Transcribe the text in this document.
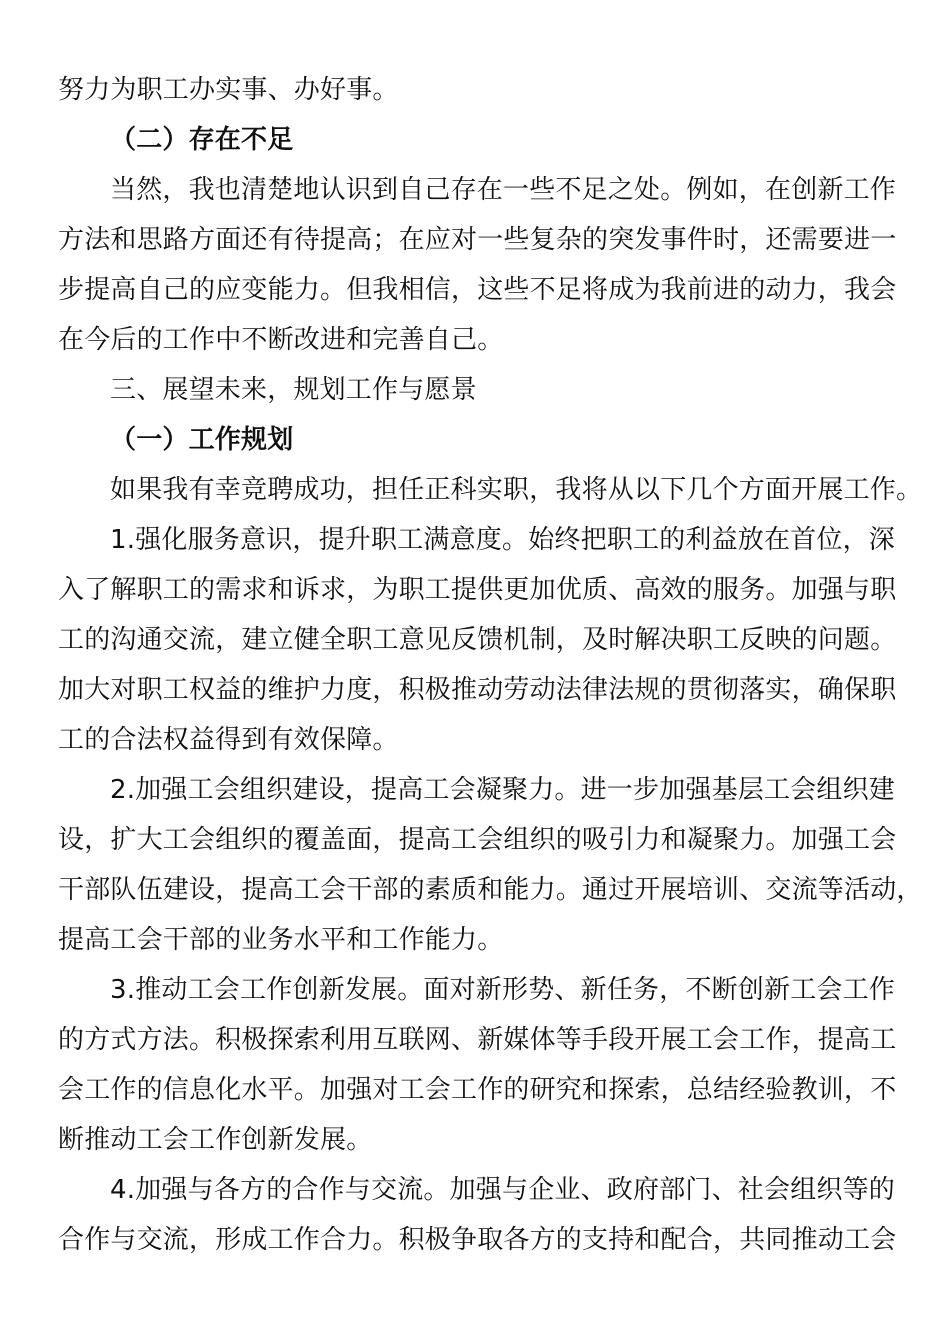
努力为职工办实事、办好事。
（二）存在不足
当然，我也清楚地认识到自己存在一些不足之处。例如，在创新工作
方法和思路方面还有待提高；在应对一些复杂的突发事件时，还需要进一
步提高自己的应变能力。但我相信，这些不足将成为我前进的动力，我会
在今后的工作中不断改进和完善自己。
三、展望未来，规划工作与愿景
（一）工作规划
如果我有幸竞聘成功，担任正科实职，我将从以下几个方面开展工作。
1.强化服务意识，提升职工满意度。始终把职工的利益放在首位，深
入了解职工的需求和诉求，为职工提供更加优质、高效的服务。加强与职
工的沟通交流，建立健全职工意见反馈机制，及时解决职工反映的问题。
加大对职工权益的维护力度，积极推动劳动法律法规的贯彻落实，确保职
工的合法权益得到有效保障。
2.加强工会组织建设，提高工会凝聚力。进一步加强基层工会组织建
设，扩大工会组织的覆盖面，提高工会组织的吸引力和凝聚力。加强工会
干部队伍建设，提高工会干部的素质和能力。通过开展培训、交流等活动，
提高工会干部的业务水平和工作能力。
3.推动工会工作创新发展。面对新形势、新任务，不断创新工会工作
的方式方法。积极探索利用互联网、新媒体等手段开展工会工作，提高工
会工作的信息化水平。加强对工会工作的研究和探索，总结经验教训，不
断推动工会工作创新发展。
4.加强与各方的合作与交流。加强与企业、政府部门、社会组织等的
合作与交流，形成工作合力。积极争取各方的支持和配合，共同推动工会
